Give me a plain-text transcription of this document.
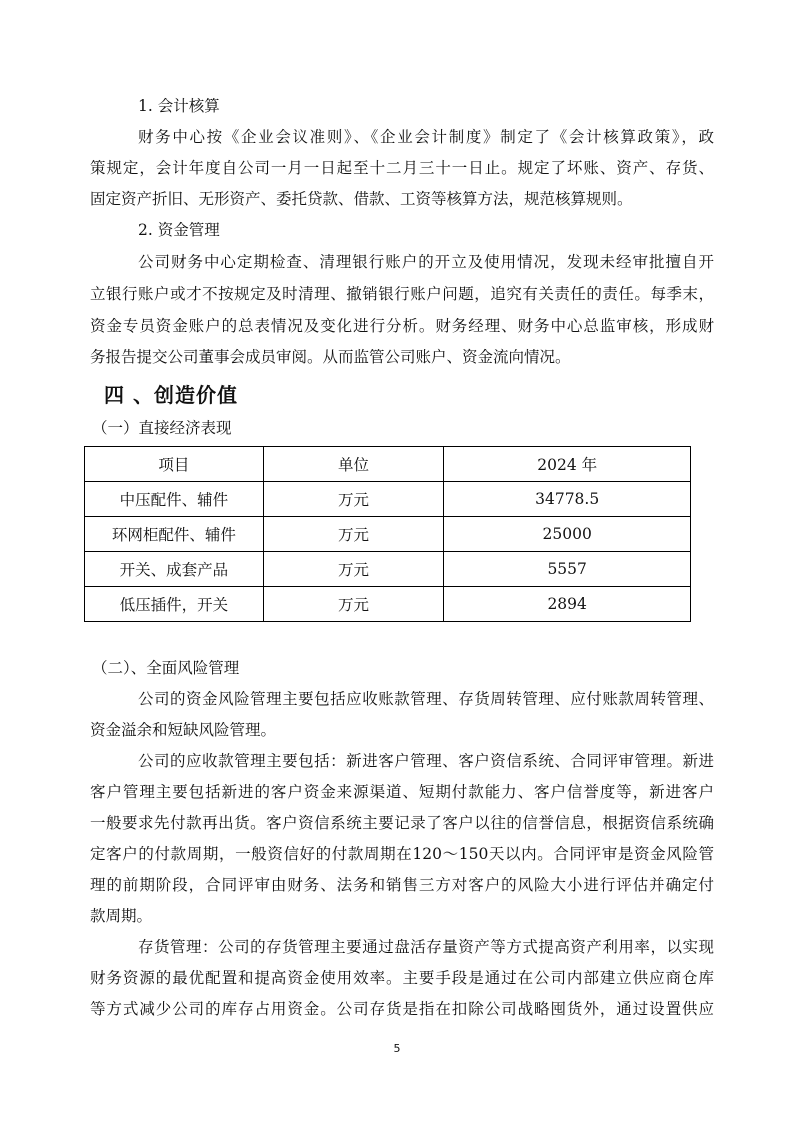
1. 会计核算
财务中心按《企业会议准则》、《企业会计制度》制定了《会计核算政策》，政
策规定，会计年度自公司一月一日起至十二月三十一日止。规定了坏账、资产、存货、
固定资产折旧、无形资产、委托贷款、借款、工资等核算方法，规范核算规则。
2. 资金管理
公司财务中心定期检查、清理银行账户的开立及使用情况，发现未经审批擅自开
立银行账户或才不按规定及时清理、撤销银行账户问题，追究有关责任的责任。每季末，
资金专员资金账户的总表情况及变化进行分析。财务经理、财务中心总监审核，形成财
务报告提交公司董事会成员审阅。从而监管公司账户、资金流向情况。
四 、创造价值
（一）直接经济表现
项目	单位	2024 年
中压配件、辅件	万元	34778.5
环网柜配件、辅件	万元	25000
开关、成套产品	万元	5557
低压插件，开关	万元	2894
（二）、全面风险管理
公司的资金风险管理主要包括应收账款管理、存货周转管理、应付账款周转管理、
资金溢余和短缺风险管理。
公司的应收款管理主要包括：新进客户管理、客户资信系统、合同评审管理。新进
客户管理主要包括新进的客户资金来源渠道、短期付款能力、客户信誉度等，新进客户
一般要求先付款再出货。客户资信系统主要记录了客户以往的信誉信息，根据资信系统确
定客户的付款周期，一般资信好的付款周期在120～150天以内。合同评审是资金风险管
理的前期阶段，合同评审由财务、法务和销售三方对客户的风险大小进行评估并确定付
款周期。
存货管理：公司的存货管理主要通过盘活存量资产等方式提高资产利用率，以实现
财务资源的最优配置和提高资金使用效率。主要手段是通过在公司内部建立供应商仓库
等方式减少公司的库存占用资金。公司存货是指在扣除公司战略囤货外，通过设置供应
5
